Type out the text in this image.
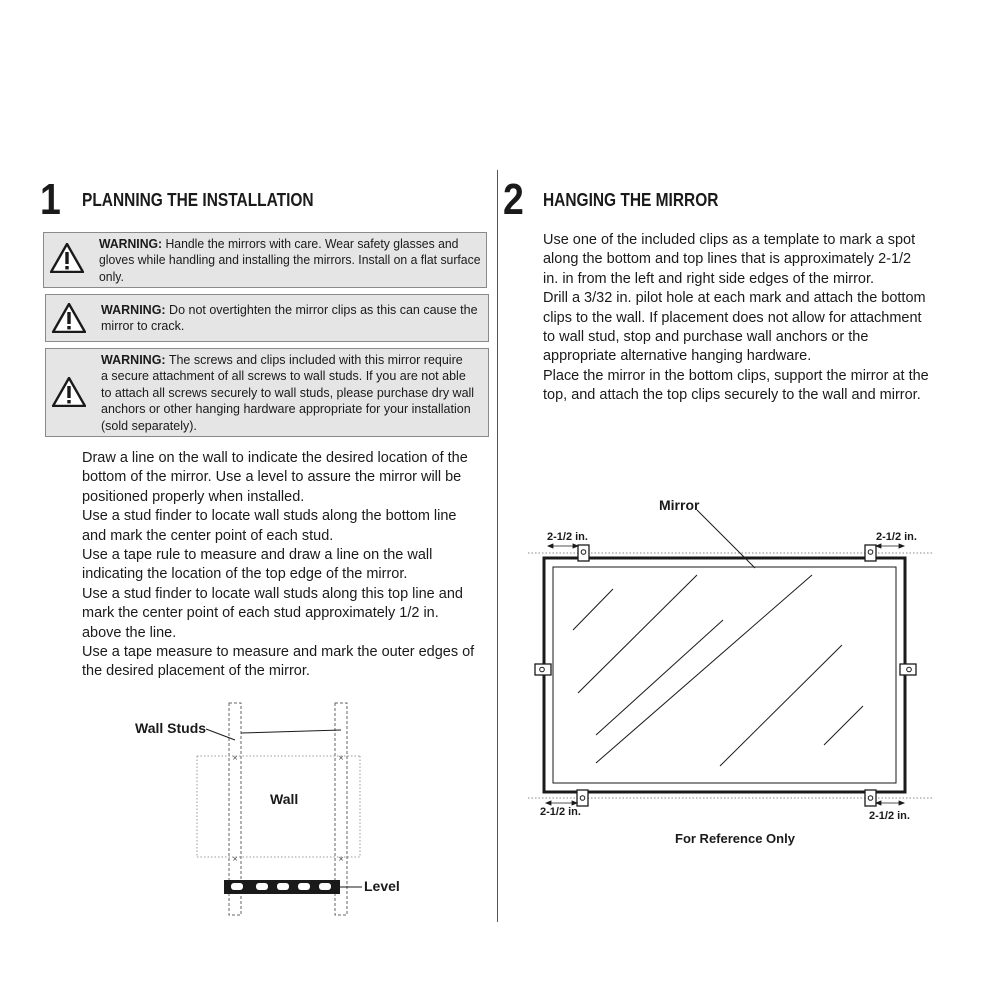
1 PLANNING THE INSTALLATION
WARNING: Handle the mirrors with care. Wear safety glasses and
gloves while handling and installing the mirrors. Install on a flat surface
only.
WARNING: Do not overtighten the mirror clips as this can cause the
mirror to crack.
WARNING: The screws and clips included with this mirror require
a secure attachment of all screws to wall studs. If you are not able
to attach all screws securely to wall studs, please purchase dry wall
anchors or other hanging hardware appropriate for your installation
(sold separately).
Draw a line on the wall to indicate the desired location of the
bottom of the mirror. Use a level to assure the mirror will be
positioned properly when installed.
Use a stud finder to locate wall studs along the bottom line
and mark the center point of each stud.
Use a tape rule to measure and draw a line on the wall
indicating the location of the top edge of the mirror.
Use a stud finder to locate wall studs along this top line and
mark the center point of each stud approximately 1/2 in.
above the line.
Use a tape measure to measure and mark the outer edges of
the desired placement of the mirror.
×	×
×	×
Wall Studs
Wall
Level
2 HANGING THE MIRROR
Use one of the included clips as a template to mark a spot
along the bottom and top lines that is approximately 2-1/2
in. in from the left and right side edges of the mirror.
Drill a 3/32 in. pilot hole at each mark and attach the bottom
clips to the wall. If placement does not allow for attachment
to wall stud, stop and purchase wall anchors or the
appropriate alternative hanging hardware.
Place the mirror in the bottom clips, support the mirror at the
top, and attach the top clips securely to the wall and mirror.
Mirror
2-1/2 in.	2-1/2 in.
2-1/2 in.	2-1/2 in.
For Reference Only
